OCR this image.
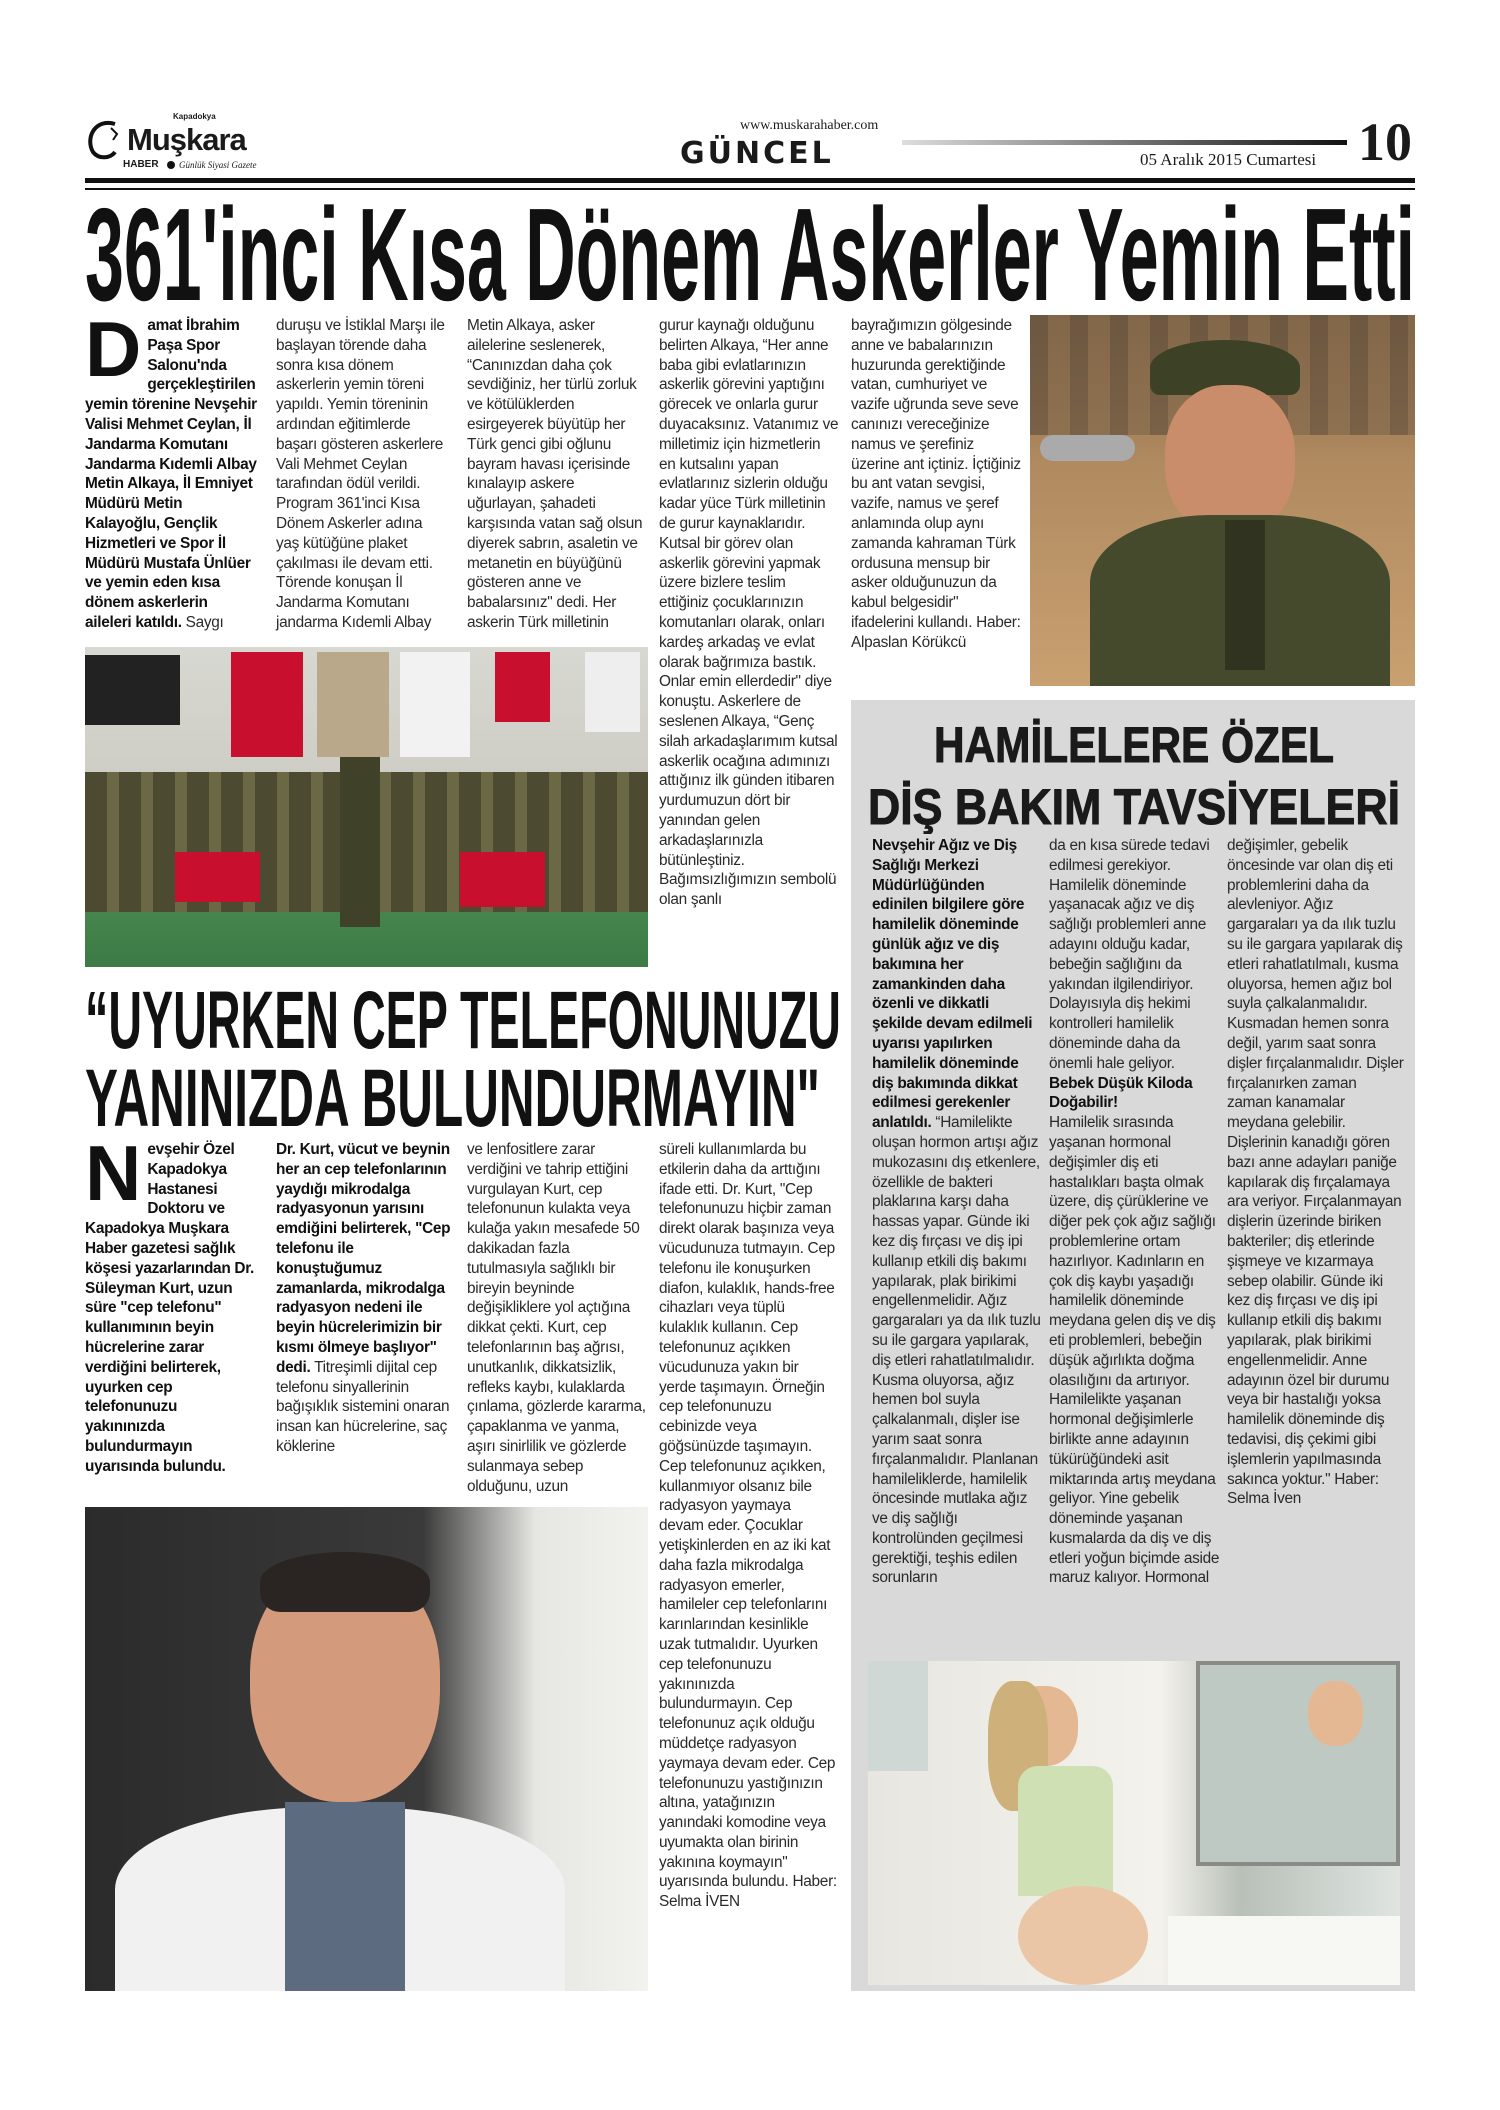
Kapadokya
Muşkara
HABER Günlük Siyasi Gazete
www.muskarahaber.com
GÜNCEL	05 Aralık 2015 Cumartesi 10
361'inci Kısa Dönem Askerler Yemin Etti
Damat İbrahim Paşa Spor Salonu'nda gerçekleştirilen yemin törenine Nevşehir Valisi Mehmet Ceylan, İl Jandarma Komutanı Jandarma Kıdemli Albay Metin Alkaya, İl Emniyet Müdürü Metin Kalayoğlu, Gençlik Hizmetleri ve Spor İl Müdürü Mustafa Ünlüer ve yemin eden kısa dönem askerlerin aileleri katıldı. Saygı
duruşu ve İstiklal Marşı ile başlayan törende daha sonra kısa dönem askerlerin yemin töreni yapıldı. Yemin töreninin ardından eğitimlerde başarı gösteren askerlere Vali Mehmet Ceylan tarafından ödül verildi. Program 361'inci Kısa Dönem Askerler adına yaş kütüğüne plaket çakılması ile devam etti. Törende konuşan İl Jandarma Komutanı jandarma Kıdemli Albay
Metin Alkaya, asker ailelerine seslenerek, “Canınızdan daha çok sevdiğiniz, her türlü zorluk ve kötülüklerden esirgeyerek büyütüp her Türk genci gibi oğlunu bayram havası içerisinde kınalayıp askere uğurlayan, şahadeti karşısında vatan sağ olsun diyerek sabrın, asaletin ve metanetin en büyüğünü gösteren anne ve babalarsınız" dedi. Her askerin Türk milletinin
gurur kaynağı olduğunu belirten Alkaya, “Her anne baba gibi evlatlarınızın askerlik görevini yaptığını görecek ve onlarla gurur duyacaksınız. Vatanımız ve milletimiz için hizmetlerin en kutsalını yapan evlatlarınız sizlerin olduğu kadar yüce Türk milletinin de gurur kaynaklarıdır. Kutsal bir görev olan askerlik görevini yapmak üzere bizlere teslim ettiğiniz çocuklarınızın komutanları olarak, onları kardeş arkadaş ve evlat olarak bağrımıza bastık. Onlar emin ellerdedir" diye konuştu. Askerlere de seslenen Alkaya, “Genç silah arkadaşlarımım kutsal askerlik ocağına adımınızı attığınız ilk günden itibaren yurdumuzun dört bir yanından gelen arkadaşlarınızla bütünleştiniz. Bağımsızlığımızın sembolü olan şanlı
bayrağımızın gölgesinde anne ve babalarınızın huzurunda gerektiğinde vatan, cumhuriyet ve vazife uğrunda seve seve canınızı vereceğinize namus ve şerefiniz üzerine ant içtiniz. İçtiğiniz bu ant vatan sevgisi, vazife, namus ve şeref anlamında olup aynı zamanda kahraman Türk ordusuna mensup bir asker olduğunuzun da kabul belgesidir" ifadelerini kullandı. Haber: Alpaslan Körükcü
“UYURKEN CEP TELEFONUNUZU
YANINIZDA BULUNDURMAYIN"
Nevşehir Özel Kapadokya Hastanesi Doktoru ve Kapadokya Muşkara Haber gazetesi sağlık köşesi yazarlarından Dr. Süleyman Kurt, uzun süre "cep telefonu" kullanımının beyin hücrelerine zarar verdiğini belirterek, uyurken cep telefonunuzu yakınınızda bulundurmayın uyarısında bulundu.
Dr. Kurt, vücut ve beynin her an cep telefonlarının yaydığı mikrodalga radyasyonun yarısını emdiğini belirterek, "Cep telefonu ile konuştuğumuz zamanlarda, mikrodalga radyasyon nedeni ile beyin hücrelerimizin bir kısmı ölmeye başlıyor" dedi. Titreşimli dijital cep telefonu sinyallerinin bağışıklık sistemini onaran insan kan hücrelerine, saç köklerine
ve lenfositlere zarar verdiğini ve tahrip ettiğini vurgulayan Kurt, cep telefonunun kulakta veya kulağa yakın mesafede 50 dakikadan fazla tutulmasıyla sağlıklı bir bireyin beyninde değişikliklere yol açtığına dikkat çekti. Kurt, cep telefonlarının baş ağrısı, unutkanlık, dikkatsizlik, refleks kaybı, kulaklarda çınlama, gözlerde kararma, çapaklanma ve yanma, aşırı sinirlilik ve gözlerde sulanmaya sebep olduğunu, uzun
süreli kullanımlarda bu etkilerin daha da arttığını ifade etti. Dr. Kurt, "Cep telefonunuzu hiçbir zaman direkt olarak başınıza veya vücudunuza tutmayın. Cep telefonu ile konuşurken diafon, kulaklık, hands-free cihazları veya tüplü kulaklık kullanın. Cep telefonunuz açıkken vücudunuza yakın bir yerde taşımayın. Örneğin cep telefonunuzu cebinizde veya göğsünüzde taşımayın. Cep telefonunuz açıkken, kullanmıyor olsanız bile radyasyon yaymaya devam eder. Çocuklar yetişkinlerden en az iki kat daha fazla mikrodalga radyasyon emerler, hamileler cep telefonlarını karınlarından kesinlikle uzak tutmalıdır. Uyurken cep telefonunuzu yakınınızda bulundurmayın. Cep telefonunuz açık olduğu müddetçe radyasyon yaymaya devam eder. Cep telefonunuzu yastığınızın altına, yatağınızın yanındaki komodine veya uyumakta olan birinin yakınına koymayın" uyarısında bulundu. Haber: Selma İVEN
HAMİLELERE ÖZEL
DİŞ BAKIM TAVSİYELERİ
Nevşehir Ağız ve Diş Sağlığı Merkezi Müdürlüğünden edinilen bilgilere göre hamilelik döneminde günlük ağız ve diş bakımına her zamankinden daha özenli ve dikkatli şekilde devam edilmeli uyarısı yapılırken hamilelik döneminde diş bakımında dikkat edilmesi gerekenler anlatıldı. “Hamilelikte oluşan hormon artışı ağız mukozasını dış etkenlere, özellikle de bakteri plaklarına karşı daha hassas yapar. Günde iki kez diş fırçası ve diş ipi kullanıp etkili diş bakımı yapılarak, plak birikimi engellenmelidir. Ağız gargaraları ya da ılık tuzlu su ile gargara yapılarak, diş etleri rahatlatılmalıdır. Kusma oluyorsa, ağız hemen bol suyla çalkalanmalı, dişler ise yarım saat sonra fırçalanmalıdır. Planlanan hamileliklerde, hamilelik öncesinde mutlaka ağız ve diş sağlığı kontrolünden geçilmesi gerektiği, teşhis edilen sorunların
da en kısa sürede tedavi edilmesi gerekiyor. Hamilelik döneminde yaşanacak ağız ve diş sağlığı problemleri anne adayını olduğu kadar, bebeğin sağlığını da yakından ilgilendiriyor. Dolayısıyla diş hekimi kontrolleri hamilelik döneminde daha da önemli hale geliyor.
Bebek Düşük Kiloda Doğabilir!
Hamilelik sırasında yaşanan hormonal değişimler diş eti hastalıkları başta olmak üzere, diş çürüklerine ve diğer pek çok ağız sağlığı problemlerine ortam hazırlıyor. Kadınların en çok diş kaybı yaşadığı hamilelik döneminde meydana gelen diş ve diş eti problemleri, bebeğin düşük ağırlıkta doğma olasılığını da artırıyor. Hamilelikte yaşanan hormonal değişimlerle birlikte anne adayının tükürüğündeki asit miktarında artış meydana geliyor. Yine gebelik döneminde yaşanan kusmalarda da diş ve diş etleri yoğun biçimde aside maruz kalıyor. Hormonal
değişimler, gebelik öncesinde var olan diş eti problemlerini daha da alevleniyor. Ağız gargaraları ya da ılık tuzlu su ile gargara yapılarak diş etleri rahatlatılmalı, kusma oluyorsa, hemen ağız bol suyla çalkalanmalıdır. Kusmadan hemen sonra değil, yarım saat sonra dişler fırçalanmalıdır. Dişler fırçalanırken zaman zaman kanamalar meydana gelebilir. Dişlerinin kanadığı gören bazı anne adayları paniğe kapılarak diş fırçalamaya ara veriyor. Fırçalanmayan dişlerin üzerinde biriken bakteriler; diş etlerinde şişmeye ve kızarmaya sebep olabilir. Günde iki kez diş fırçası ve diş ipi kullanıp etkili diş bakımı yapılarak, plak birikimi engellenmelidir. Anne adayının özel bir durumu veya bir hastalığı yoksa hamilelik döneminde diş tedavisi, diş çekimi gibi işlemlerin yapılmasında sakınca yoktur." Haber: Selma İven
